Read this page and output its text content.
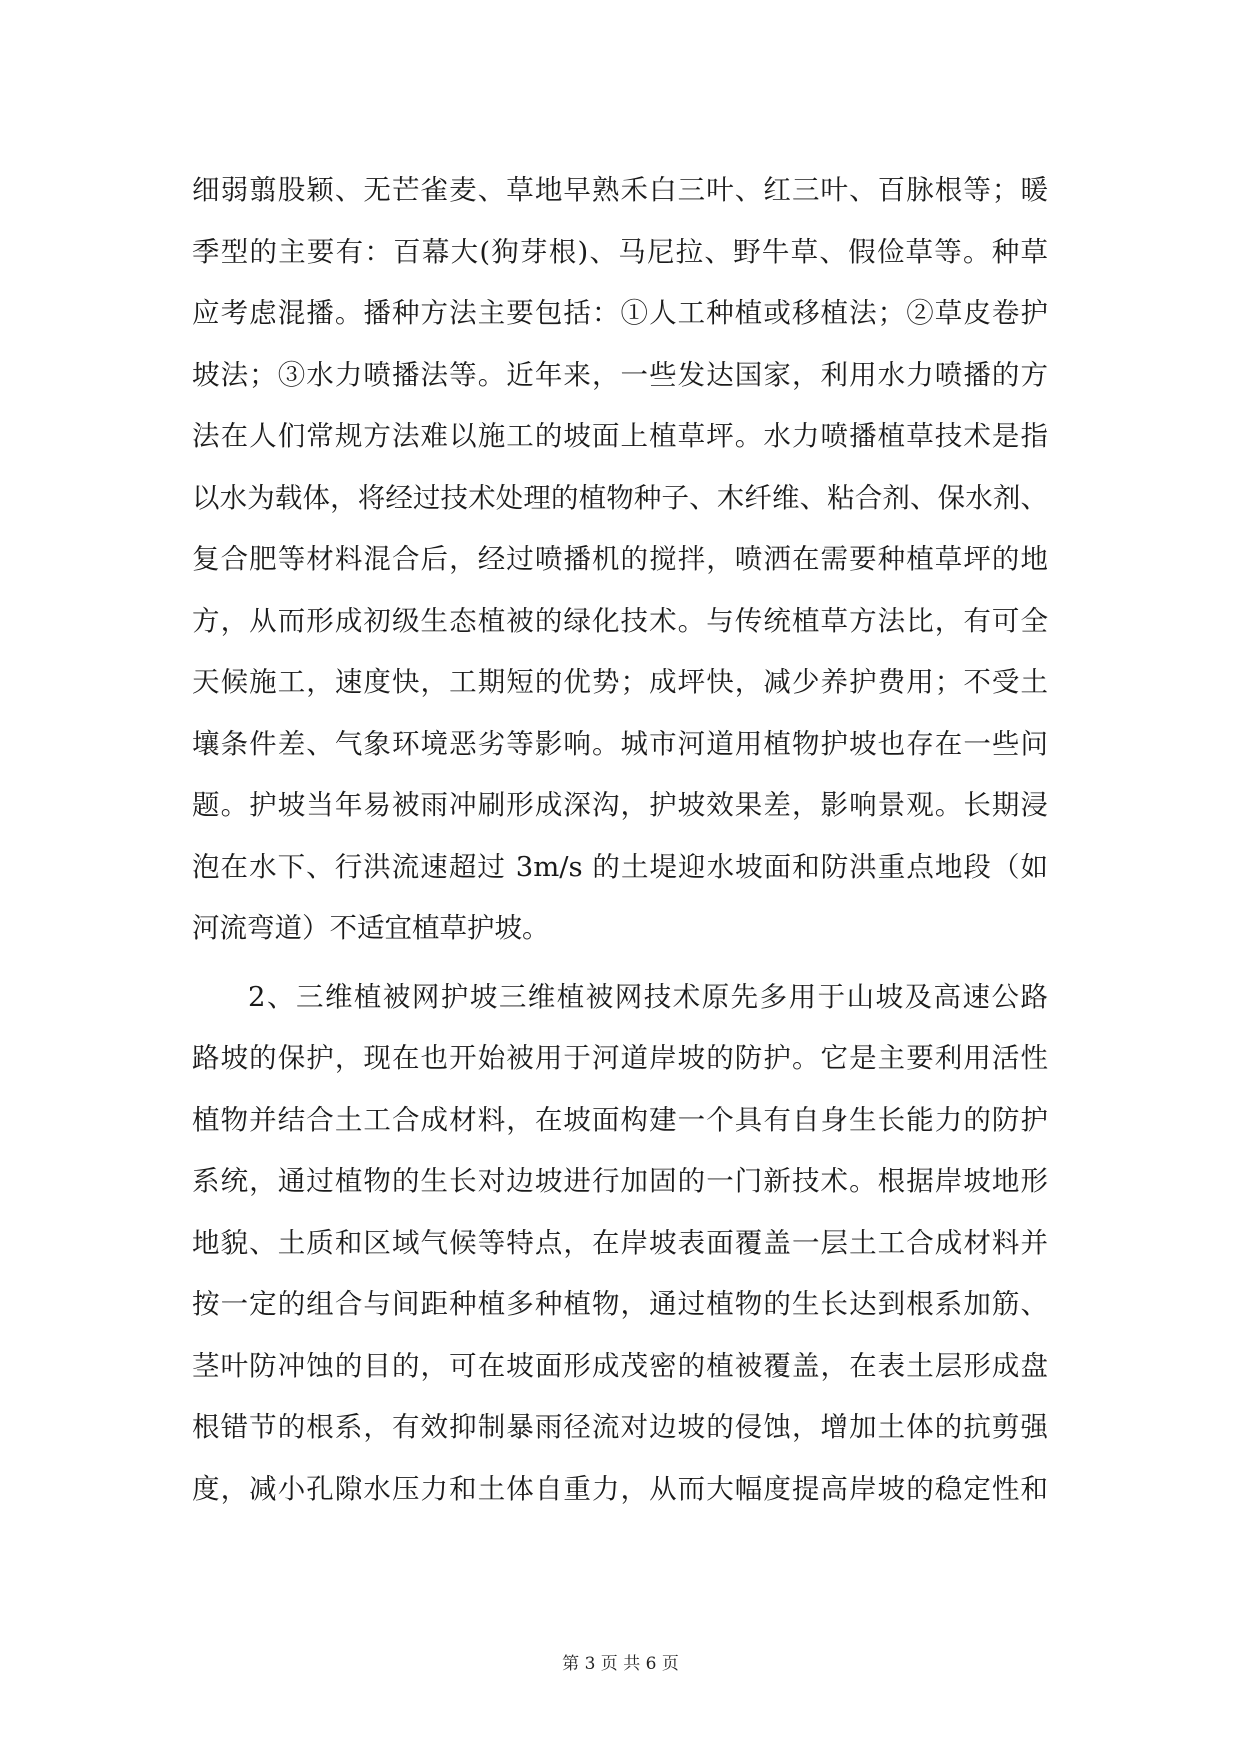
细弱翦股颖、无芒雀麦、草地早熟禾白三叶、红三叶、百脉根等；暖
季型的主要有：百幕大(狗芽根)、马尼拉、野牛草、假俭草等。种草
应考虑混播。播种方法主要包括：①人工种植或移植法；②草皮卷护
坡法；③水力喷播法等。近年来，一些发达国家，利用水力喷播的方
法在人们常规方法难以施工的坡面上植草坪。水力喷播植草技术是指
以水为载体，将经过技术处理的植物种子、木纤维、粘合剂、保水剂、
复合肥等材料混合后，经过喷播机的搅拌，喷洒在需要种植草坪的地
方，从而形成初级生态植被的绿化技术。与传统植草方法比，有可全
天候施工，速度快，工期短的优势；成坪快，减少养护费用；不受土
壤条件差、气象环境恶劣等影响。城市河道用植物护坡也存在一些问
题。护坡当年易被雨冲刷形成深沟，护坡效果差，影响景观。长期浸
泡在水下、行洪流速超过 3m/s 的土堤迎水坡面和防洪重点地段（如
河流弯道）不适宜植草护坡。
2、三维植被网护坡三维植被网技术原先多用于山坡及高速公路
路坡的保护，现在也开始被用于河道岸坡的防护。它是主要利用活性
植物并结合土工合成材料，在坡面构建一个具有自身生长能力的防护
系统，通过植物的生长对边坡进行加固的一门新技术。根据岸坡地形
地貌、土质和区域气候等特点，在岸坡表面覆盖一层土工合成材料并
按一定的组合与间距种植多种植物，通过植物的生长达到根系加筋、
茎叶防冲蚀的目的，可在坡面形成茂密的植被覆盖，在表土层形成盘
根错节的根系，有效抑制暴雨径流对边坡的侵蚀，增加土体的抗剪强
度，减小孔隙水压力和土体自重力，从而大幅度提高岸坡的稳定性和
第 3 页 共 6 页
